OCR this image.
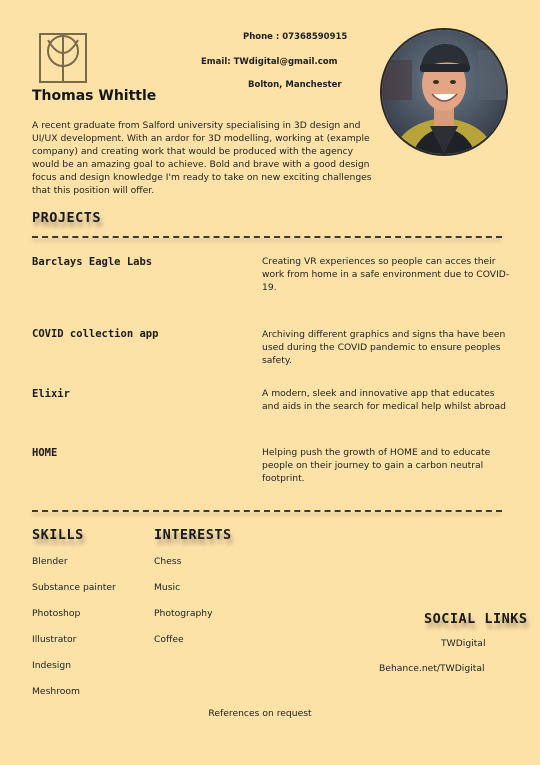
Phone : 07368590915
Email: TWdigital@gmail.com
Bolton, Manchester
Thomas Whittle
A recent graduate from Salford university specialising in 3D design and UI/UX development. With an ardor for 3D modelling, working at (example company) and creating work that would be produced with the agency would be an amazing goal to achieve. Bold and brave with a good design focus and design knowledge I'm ready to take on new exciting challenges that this position will offer.
PROJECTS
Barclays Eagle Labs	Creating VR experiences so people can acces their work from home in a safe environment due to COVID-19.
COVID collection app	Archiving different graphics and signs tha have been used during the COVID pandemic to ensure peoples safety.
Elixir	A modern, sleek and innovative app that educates and aids in the search for medical help whilst abroad
HOME	Helping push the growth of HOME and to educate people on their journey to gain a carbon neutral footprint.
SKILLS
Blender
Substance painter
Photoshop
Illustrator
Indesign
Meshroom
INTERESTS
Chess
Music
Photography
Coffee
SOCIAL LINKS
TWDigital
Behance.net/TWDigital
References on request
